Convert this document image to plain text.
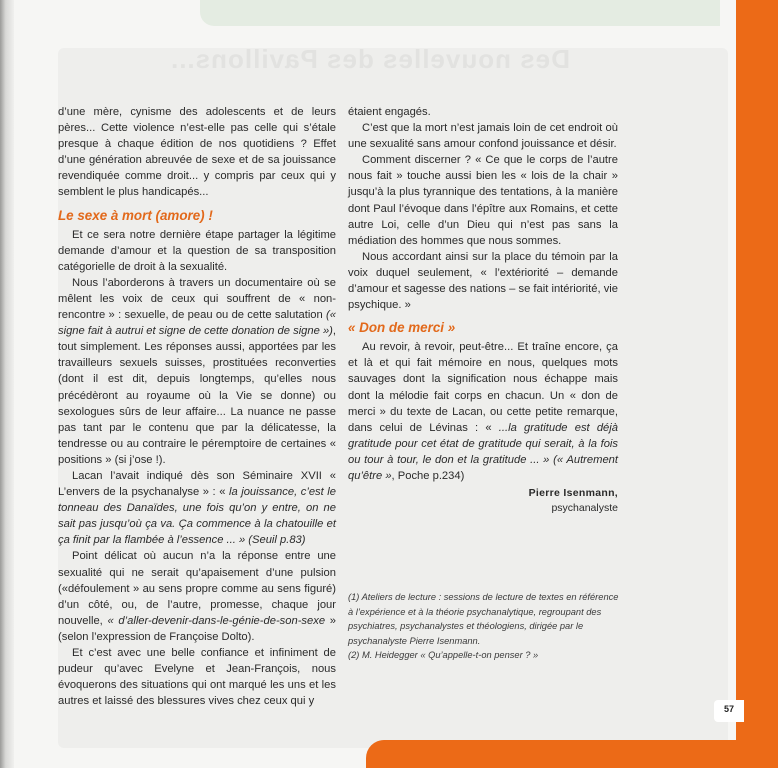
Des nouvelles des Pavillons...
57

d’une mère, cynisme des adolescents et de leurs pères... Cette violence n’est-elle pas celle qui s’étale presque à chaque édition de nos quotidiens ? Effet d’une génération abreuvée de sexe et de sa jouissance revendiquée comme droit... y compris par ceux qui y semblent le plus handicapés...

Le sexe à mort (amore) !

Et ce sera notre dernière étape partager la légitime demande d’amour et la question de sa transposition catégorielle de droit à la sexualité.

Nous l’aborderons à travers un documentaire où se mêlent les voix de ceux qui souffrent de « non-rencontre » : sexuelle, de peau ou de cette salutation (« signe fait à autrui et signe de cette donation de signe »), tout simplement. Les réponses aussi, apportées par les travailleurs sexuels suisses, prostituées reconverties (dont il est dit, depuis longtemps, qu’elles nous précédèront au royaume où la Vie se donne) ou sexologues sûrs de leur affaire... La nuance ne passe pas tant par le contenu que par la délicatesse, la tendresse ou au contraire le péremptoire de certaines « positions » (si j’ose !).

Lacan l’avait indiqué dès son Séminaire XVII « L’envers de la psychanalyse » : « la jouissance, c’est le tonneau des Danaïdes, une fois qu’on y entre, on ne sait pas jusqu’où ça va. Ça commence à la chatouille et ça finit par la flambée à l’essence ... » (Seuil p.83)

Point délicat où aucun n’a la réponse entre une sexualité qui ne serait qu’apaisement d’une pulsion («défoulement » au sens propre comme au sens figuré) d’un côté, ou, de l’autre, promesse, chaque jour nouvelle, « d’aller-devenir-dans-le-génie-de-son-sexe » (selon l’expression de Françoise Dolto).

Et c’est avec une belle confiance et infiniment de pudeur qu’avec Evelyne et Jean-François, nous évoquerons des situations qui ont marqué les uns et les autres et laissé des blessures vives chez ceux qui y

étaient engagés.

C’est que la mort n’est jamais loin de cet endroit où une sexualité sans amour confond jouissance et désir.

Comment discerner ? « Ce que le corps de l’autre nous fait » touche aussi bien les « lois de la chair » jusqu’à la plus tyrannique des tentations, à la manière dont Paul l’évoque dans l’épître aux Romains, et cette autre Loi, celle d’un Dieu qui n’est pas sans la médiation des hommes que nous sommes.

Nous accordant ainsi sur la place du témoin par la voix duquel seulement, « l’extériorité – demande d’amour et sagesse des nations – se fait intériorité, vie psychique. »

« Don de merci »

Au revoir, à revoir, peut-être... Et traîne encore, ça et là et qui fait mémoire en nous, quelques mots sauvages dont la signification nous échappe mais dont la mélodie fait corps en chacun. Un « don de merci » du texte de Lacan, ou cette petite remarque, dans celui de Lévinas : « ...la gratitude est déjà gratitude pour cet état de gratitude qui serait, à la fois ou tour à tour, le don et la gratitude ... » (« Autrement qu’être », Poche p.234)

Pierre Isenmann,
psychanalyste

(1) Ateliers de lecture : sessions de lecture de textes en référence à l’expérience et à la théorie psychanalytique, regroupant des psychiatres, psychanalystes et théologiens, dirigée par le psychanalyste Pierre Isenmann.

(2) M. Heidegger « Qu’appelle-t-on penser ? »
